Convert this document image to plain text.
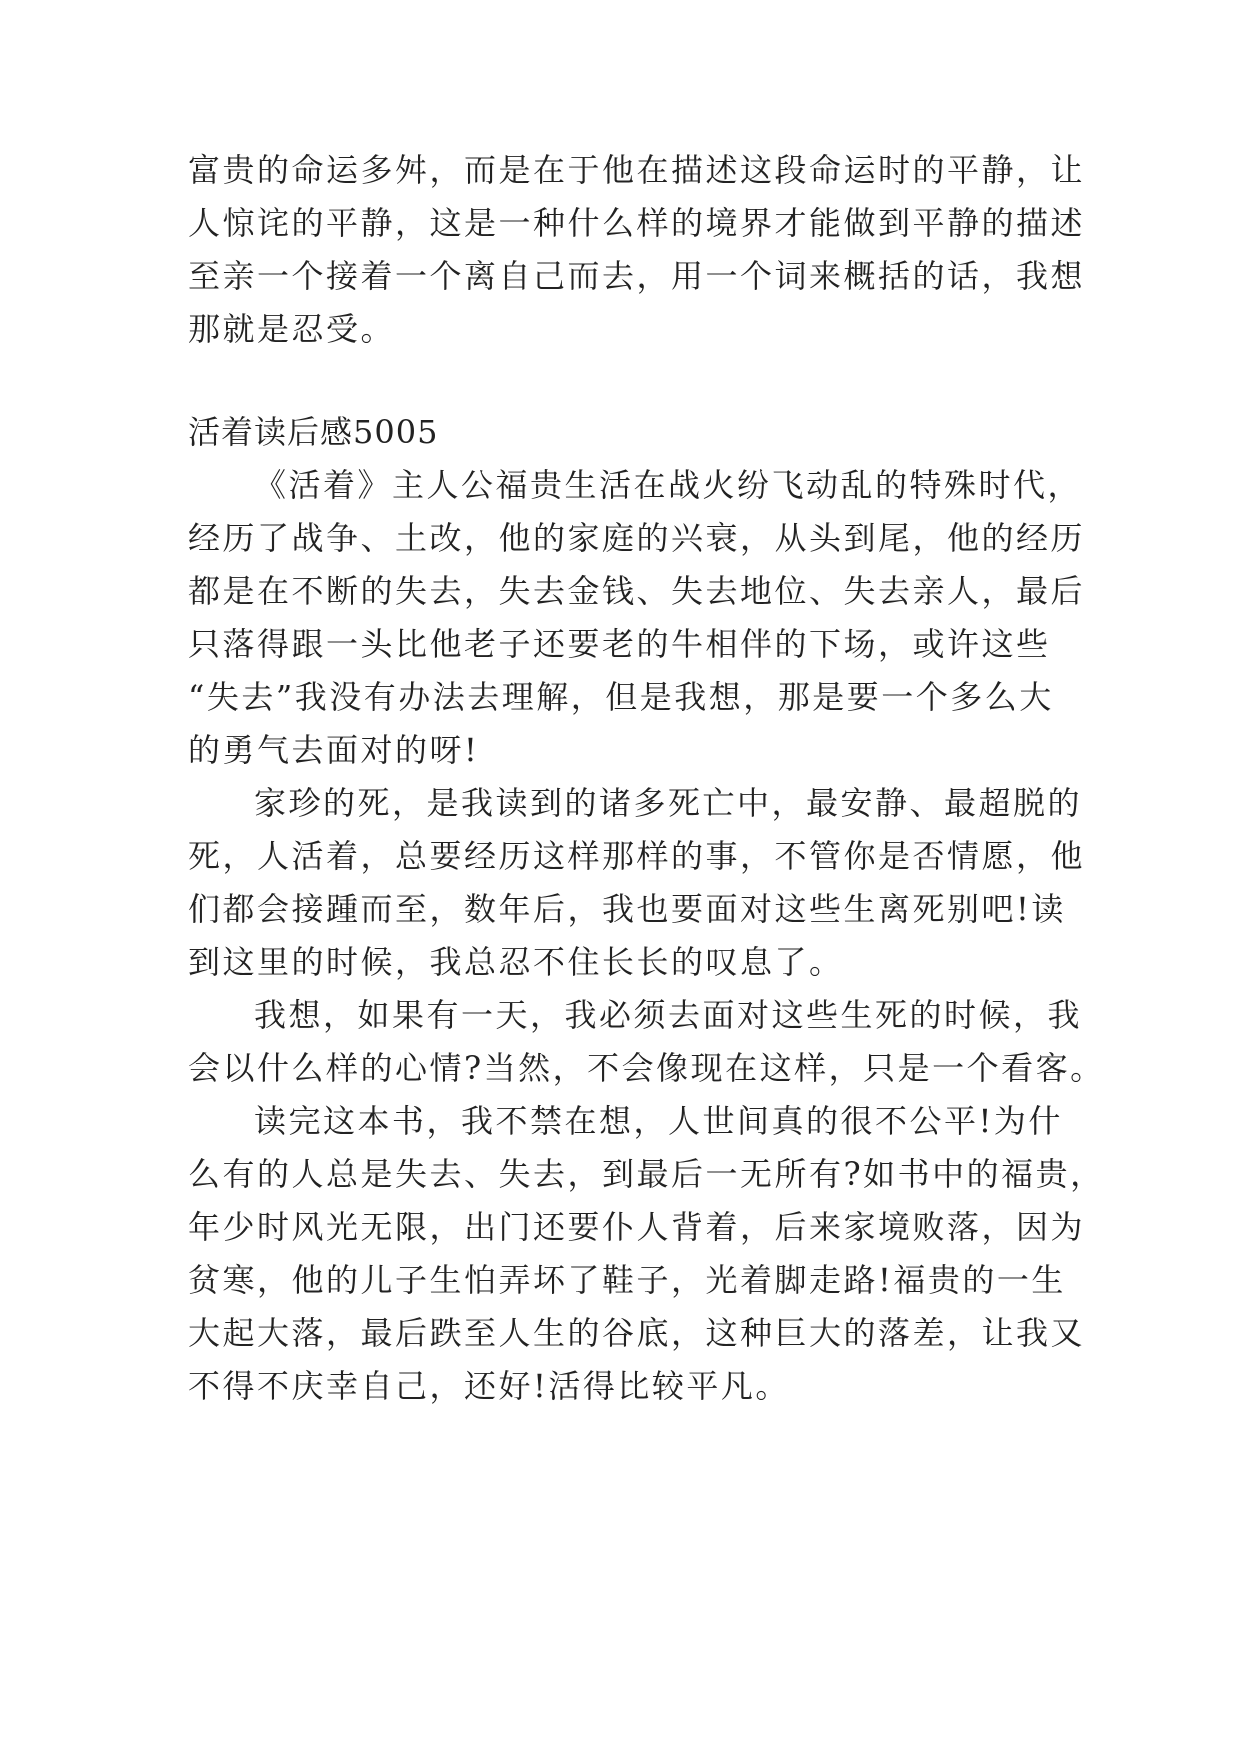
富贵的命运多舛，而是在于他在描述这段命运时的平静，让
人惊诧的平静，这是一种什么样的境界才能做到平静的描述
至亲一个接着一个离自己而去，用一个词来概括的话，我想
那就是忍受。
活着读后感5005
《活着》主人公福贵生活在战火纷飞动乱的特殊时代，
经历了战争、土改，他的家庭的兴衰，从头到尾，他的经历
都是在不断的失去，失去金钱、失去地位、失去亲人，最后
只落得跟一头比他老子还要老的牛相伴的下场，或许这些
“失去”我没有办法去理解，但是我想，那是要一个多么大
的勇气去面对的呀!
家珍的死，是我读到的诸多死亡中，最安静、最超脱的
死，人活着，总要经历这样那样的事，不管你是否情愿，他
们都会接踵而至，数年后，我也要面对这些生离死别吧!读
到这里的时候，我总忍不住长长的叹息了。
我想，如果有一天，我必须去面对这些生死的时候，我
会以什么样的心情?当然，不会像现在这样，只是一个看客。
读完这本书，我不禁在想，人世间真的很不公平!为什
么有的人总是失去、失去，到最后一无所有?如书中的福贵，
年少时风光无限，出门还要仆人背着，后来家境败落，因为
贫寒，他的儿子生怕弄坏了鞋子，光着脚走路!福贵的一生
大起大落，最后跌至人生的谷底，这种巨大的落差，让我又
不得不庆幸自己，还好!活得比较平凡。
